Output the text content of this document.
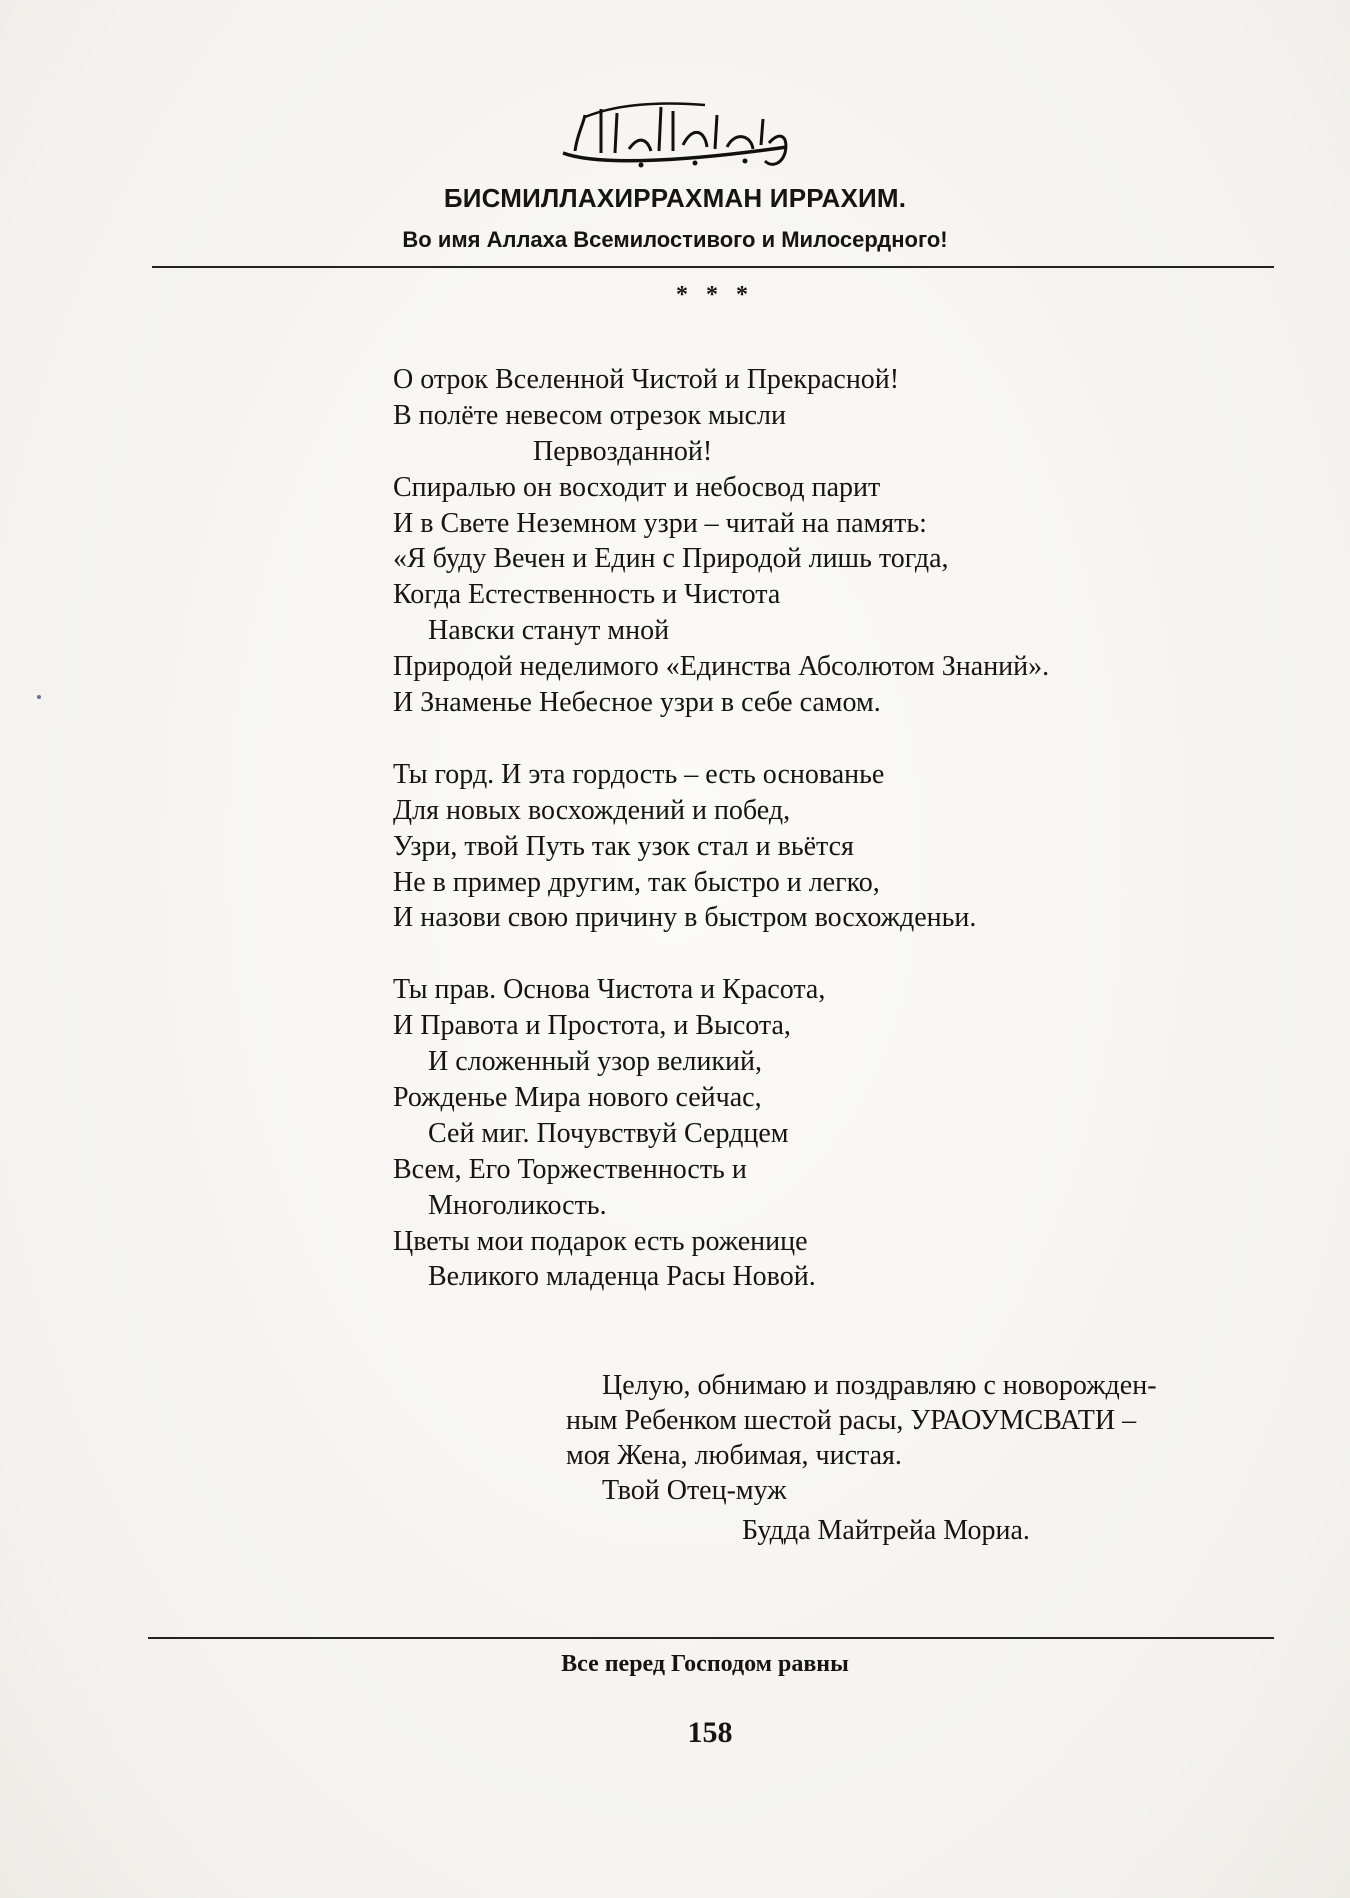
БИСМИЛЛАХИРРАХМАН ИРРАХИМ.
Во имя Аллаха Всемилостивого и Милосердного!
* * *
О отрок Вселенной Чистой и Прекрасной!
В полёте невесом отрезок мысли
Первозданной!
Спиралью он восходит и небосвод парит
И в Свете Неземном узри – читай на память:
«Я буду Вечен и Един с Природой лишь тогда,
Когда Естественность и Чистота
Навски станут мной
Природой неделимого «Единства Абсолютом Знаний».
И Знаменье Небесное узри в себе самом.
Ты горд. И эта гордость – есть основанье
Для новых восхождений и побед,
Узри, твой Путь так узок стал и вьётся
Не в пример другим, так быстро и легко,
И назови свою причину в быстром восхожденьи.
Ты прав. Основа Чистота и Красота,
И Правота и Простота, и Высота,
И сложенный узор великий,
Рожденье Мира нового сейчас,
Сей миг. Почувствуй Сердцем
Всем, Его Торжественность и
Многоликость.
Цветы мои подарок есть роженице
Великого младенца Расы Новой.

Целую, обнимаю и поздравляю с новорожден-

ным Ребенком шестой расы, УРАОУМСВАТИ –

моя Жена, любимая, чистая.

Твой Отец-муж
Будда Майтрейа Мориа.
Все перед Господом равны
158
